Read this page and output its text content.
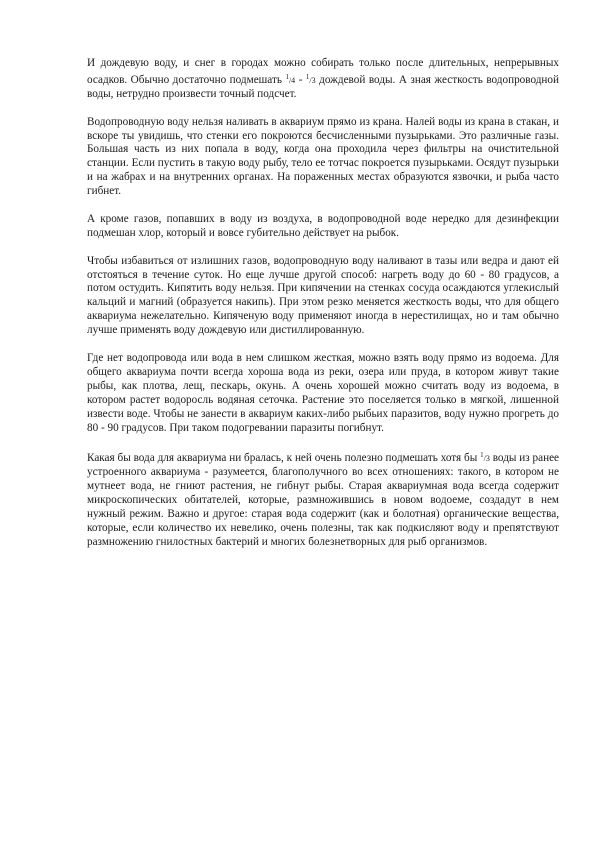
И дождевую воду, и снег в городах можно собирать только после длительных, непрерывных осадков. Обычно достаточно подмешать $^1$/4 - $^1$/3 дождевой воды. А зная жесткость водопроводной воды, нетрудно произвести точный подсчет.

Водопроводную воду нельзя наливать в аквариум прямо из крана. Налей воды из крана в стакан, и вскоре ты увидишь, что стенки его покроются бесчисленными пузырьками. Это различные газы. Большая часть из них попала в воду, когда она проходила через фильтры на очистительной станции. Если пустить в такую воду рыбу, тело ее тотчас покроется пузырьками. Осядут пузырьки и на жабрах и на внутренних органах. На пораженных местах образуются язвочки, и рыба часто гибнет.

А кроме газов, попавших в воду из воздуха, в водопроводной воде нередко для дезинфекции подмешан хлор, который и вовсе губительно действует на рыбок.

Чтобы избавиться от излишних газов, водопроводную воду наливают в тазы или ведра и дают ей отстояться в течение суток. Но еще лучше другой способ: нагреть воду до 60 - 80 градусов, а потом остудить. Кипятить воду нельзя. При кипячении на стенках сосуда осаждаются углекислый кальций и магний (образуется накипь). При этом резко меняется жесткость воды, что для общего аквариума нежелательно. Кипяченую воду применяют иногда в нерестилищах, но и там обычно лучше применять воду дождевую или дистиллированную.

Где нет водопровода или вода в нем слишком жесткая, можно взять воду прямо из водоема. Для общего аквариума почти всегда хороша вода из реки, озера или пруда, в котором живут такие рыбы, как плотва, лещ, пескарь, окунь. А очень хорошей можно считать воду из водоема, в котором растет водоросль водяная сеточка. Растение это поселяется только в мягкой, лишенной извести воде. Чтобы не занести в аквариум каких-либо рыбьих паразитов, воду нужно прогреть до 80 - 90 градусов. При таком подогревании паразиты погибнут.

Какая бы вода для аквариума ни бралась, к ней очень полезно подмешать хотя бы $^1$/3 воды из ранее устроенного аквариума - разумеется, благополучного во всех отношениях: такого, в котором не мутнеет вода, не гниют растения, не гибнут рыбы. Старая аквариумная вода всегда содержит микроскопических обитателей, которые, размножившись в новом водоеме, создадут в нем нужный режим. Важно и другое: старая вода содержит (как и болотная) органические вещества, которые, если количество их невелико, очень полезны, так как подкисляют воду и препятствуют размножению гнилостных бактерий и многих болезнетворных для рыб организмов.
